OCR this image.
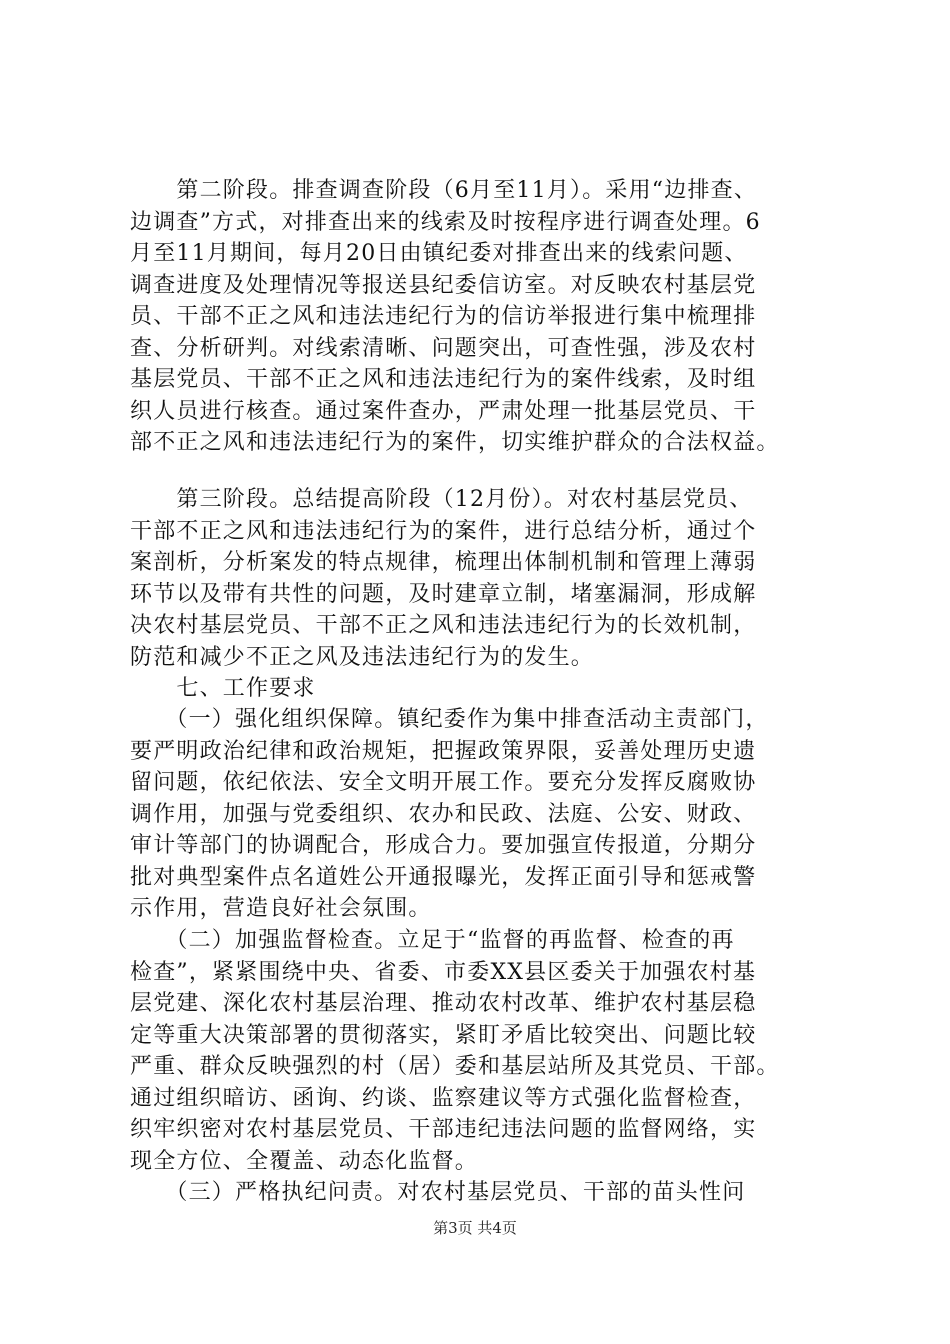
　　第二阶段。排查调查阶段（6月至11月）。采用“边排查、
边调查”方式，对排查出来的线索及时按程序进行调查处理。6
月至11月期间，每月20日由镇纪委对排查出来的线索问题、
调查进度及处理情况等报送县纪委信访室。对反映农村基层党
员、干部不正之风和违法违纪行为的信访举报进行集中梳理排
查、分析研判。对线索清晰、问题突出，可查性强，涉及农村
基层党员、干部不正之风和违法违纪行为的案件线索，及时组
织人员进行核查。通过案件查办，严肃处理一批基层党员、干
部不正之风和违法违纪行为的案件，切实维护群众的合法权益。
　　第三阶段。总结提高阶段（12月份）。对农村基层党员、
干部不正之风和违法违纪行为的案件，进行总结分析，通过个
案剖析，分析案发的特点规律，梳理出体制机制和管理上薄弱
环节以及带有共性的问题，及时建章立制，堵塞漏洞，形成解
决农村基层党员、干部不正之风和违法违纪行为的长效机制，
防范和减少不正之风及违法违纪行为的发生。
　　七、工作要求
　　（一）强化组织保障。镇纪委作为集中排查活动主责部门，
要严明政治纪律和政治规矩，把握政策界限，妥善处理历史遗
留问题，依纪依法、安全文明开展工作。要充分发挥反腐败协
调作用，加强与党委组织、农办和民政、法庭、公安、财政、
审计等部门的协调配合，形成合力。要加强宣传报道，分期分
批对典型案件点名道姓公开通报曝光，发挥正面引导和惩戒警
示作用，营造良好社会氛围。
　　（二）加强监督检查。立足于“监督的再监督、检查的再
检查”，紧紧围绕中央、省委、市委XX县区委关于加强农村基
层党建、深化农村基层治理、推动农村改革、维护农村基层稳
定等重大决策部署的贯彻落实，紧盯矛盾比较突出、问题比较
严重、群众反映强烈的村（居）委和基层站所及其党员、干部。
通过组织暗访、函询、约谈、监察建议等方式强化监督检查，
织牢织密对农村基层党员、干部违纪违法问题的监督网络，实
现全方位、全覆盖、动态化监督。
　　（三）严格执纪问责。对农村基层党员、干部的苗头性问
第3页 共4页
